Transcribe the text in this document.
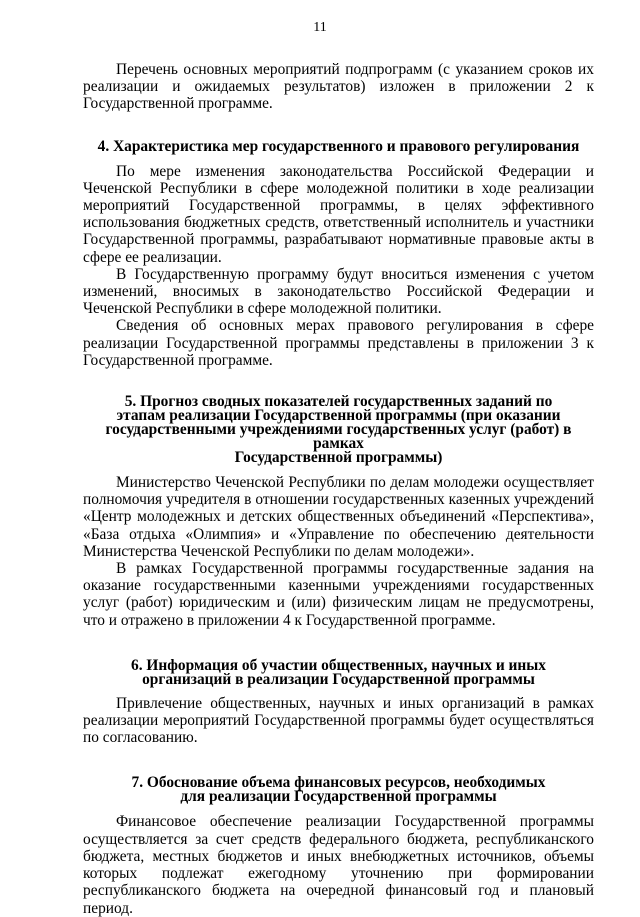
11

Перечень основных мероприятий подпрограмм (с указанием сроков их реализации и ожидаемых результатов) изложен в приложении 2 к Государственной программе.

4. Характеристика мер государственного и правового регулирования

По мере изменения законодательства Российской Федерации и Чеченской Республики в сфере молодежной политики в ходе реализации мероприятий Государственной программы, в целях эффективного использования бюджетных средств, ответственный исполнитель и участники Государственной программы, разрабатывают нормативные правовые акты в сфере ее реализации.

В Государственную программу будут вноситься изменения с учетом изменений, вносимых в законодательство Российской Федерации и Чеченской Республики в сфере молодежной политики.

Сведения об основных мерах правового регулирования в сфере реализации Государственной программы представлены в приложении 3 к Государственной программе.

5. Прогноз сводных показателей государственных заданий по
этапам реализации Государственной программы (при оказании
государственными учреждениями государственных услуг (работ) в рамках
Государственной программы)

Министерство Чеченской Республики по делам молодежи осуществляет полномочия учредителя в отношении государственных казенных учреждений «Центр молодежных и детских общественных объединений «Перспектива», «База отдыха «Олимпия» и «Управление по обеспечению деятельности Министерства Чеченской Республики по делам молодежи».

В рамках Государственной программы государственные задания на оказание государственными казенными учреждениями государственных услуг (работ) юридическим и (или) физическим лицам не предусмотрены, что и отражено в приложении 4 к Государственной программе.

6. Информация об участии общественных, научных и иных
организаций в реализации Государственной программы

Привлечение общественных, научных и иных организаций в рамках реализации мероприятий Государственной программы будет осуществляться по согласованию.

7. Обоснование объема финансовых ресурсов, необходимых
для реализации Государственной программы

Финансовое обеспечение реализации Государственной программы осуществляется за счет средств федерального бюджета, республиканского бюджета, местных бюджетов и иных внебюджетных источников, объемы которых подлежат ежегодному уточнению при формировании республиканского бюджета на очередной финансовый год и плановый период.
